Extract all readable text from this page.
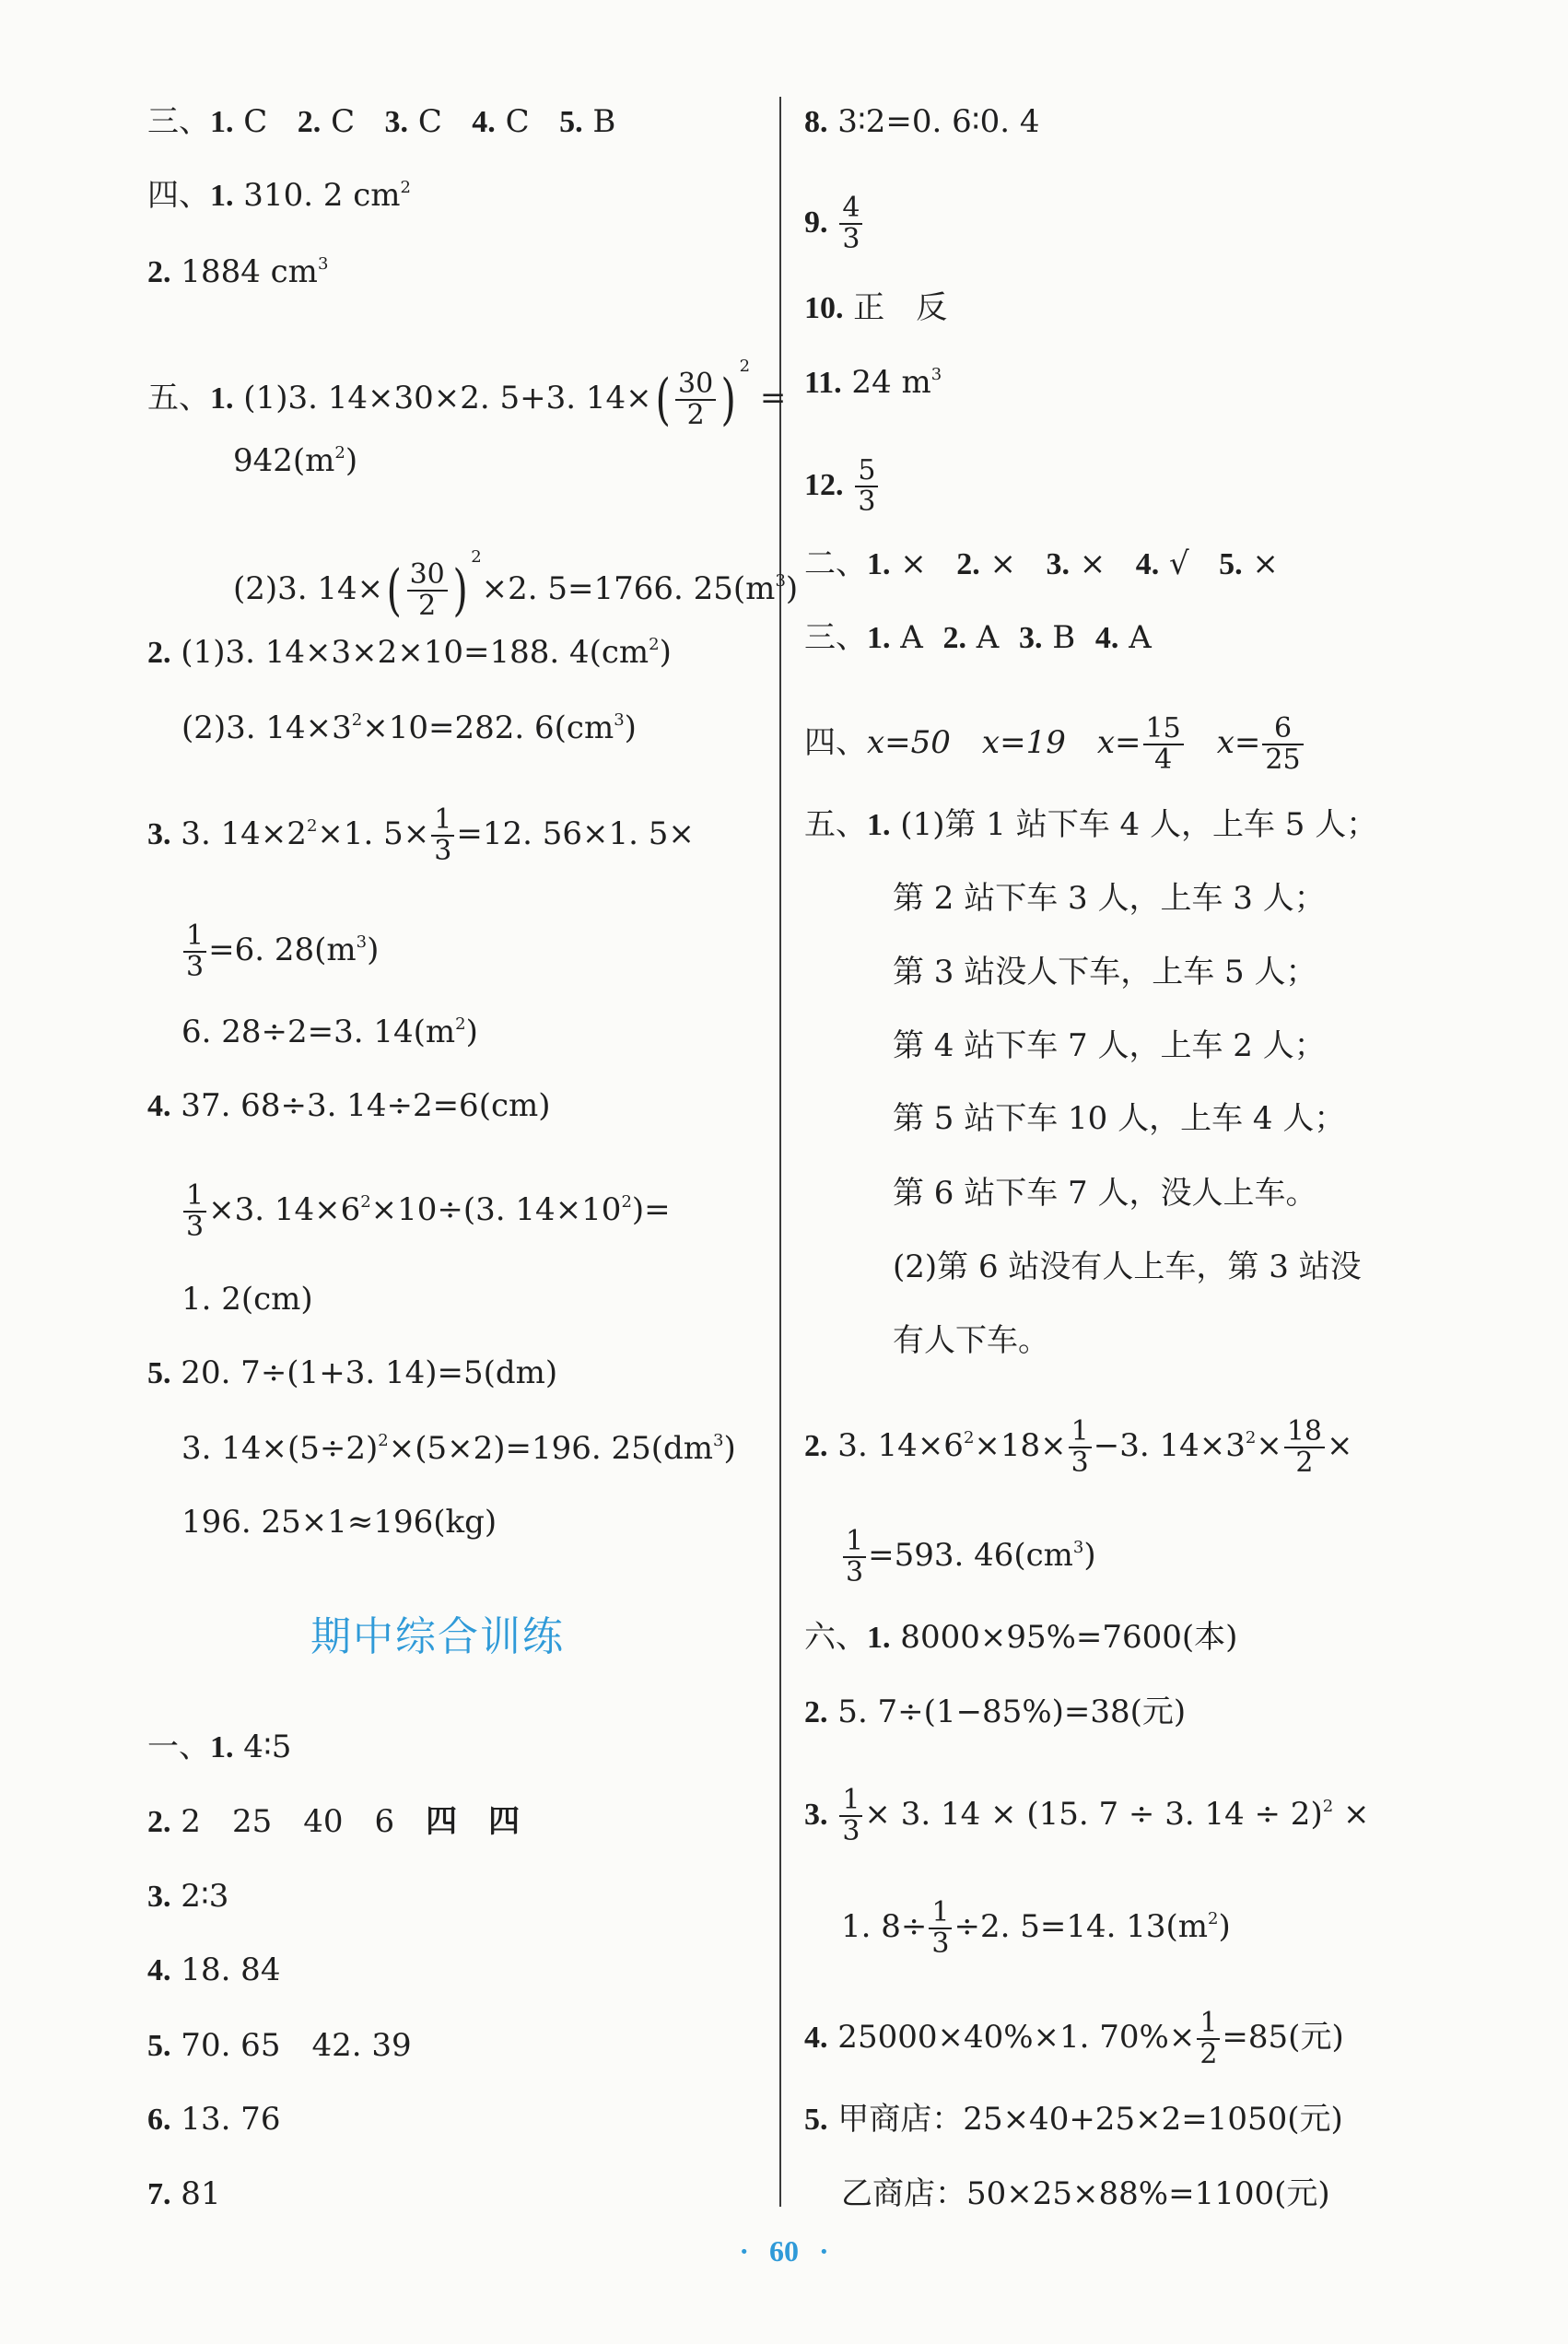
三、1. C 2. C 3. C 4. C 5. B
四、1. 310. 2 $cm^2$
2. 1884 $cm^3$
五、1. (1)3. 14×30×2. 5+3. $14\times( \frac{30}{2} )^2$ =
$942(m^2)$
(2)3. $14\times( \frac{30}{2} )^2\times 2$. 5=1766. $25(m^3)$
2. (1)3. 14×3×2×10=188. $4(cm^2)$
(2)3. $14\times 3^2\times 10=282$. $6(cm^3)$
3. 3. $14\times 2^2\times 1$. $5\times \frac{1}{3} =12$. 56×1. 5×
$\frac{1}{3} =6$. $28(m^3)$
6. 28÷2=3. $14(m^2)$
4. 37. 68÷3. 14÷2=6(cm)
$\frac{1}{3} \times 3$. $14\times 6^2\times 10\div(3$. $14\times 10^2)=$
1. 2(cm)
5. 20. 7÷(1+3. 14)=5(dm)
3. $14\times(5\div 2)^2\times(5\times 2)=196$. $25(dm^3)$
196. 25×1≈196(kg)
一、1. 4∶5
2. 2　25　40　6　四　 四
3. 2∶3
4. 18. 84
5. 70. 65　42. 39
6. 13. 76
7. 81
期中综合训练
8. 3∶2=0. 6∶0. 4
9. $\frac{4}{3}$
10. 正　反
11. 24 $m^3$
12. $\frac{5}{3}$
二、1. × 2. × 3. × 4. √ 5. ×
三、1. A 2. A 3. B 4. A
四、x=50　x=19　$x= \frac{15}{4}$ 　$x= \frac{6}{25}$
五、1. (1)第 1 站下车 4 人，上车 5 人；
第 2 站下车 3 人，上车 3 人；
第 3 站没人下车，上车 5 人；
第 4 站下车 7 人，上车 2 人；
第 5 站下车 10 人，上车 4 人；
第 6 站下车 7 人，没人上车。
(2)第 6 站没有人上车，第 3 站没
有人下车。
2. 3. $14\times 6^2\times 18\times \frac{1}{3} -3$. $14\times 3^2\times \frac{18}{2}$ ×
$\frac{1}{3} =593$. $46(cm^3)$
六、1. 8000×95%=7600(本)
2. 5. 7÷(1−85%)=38(元)
3. $\frac{1}{3} \times 3$. 14 × (15. 7 ÷ 3. 14 ÷ 2)$^2$ ×
1. $8\div \frac{1}{3} \div 2$. 5=14. $13(m^2)$
4. 25000×40%×1. $70\%\times \frac{1}{2} =85$(元)
5. 甲商店：25×40+25×2=1050(元)
乙商店：50×25×88%=1100(元)
· 60 ·
